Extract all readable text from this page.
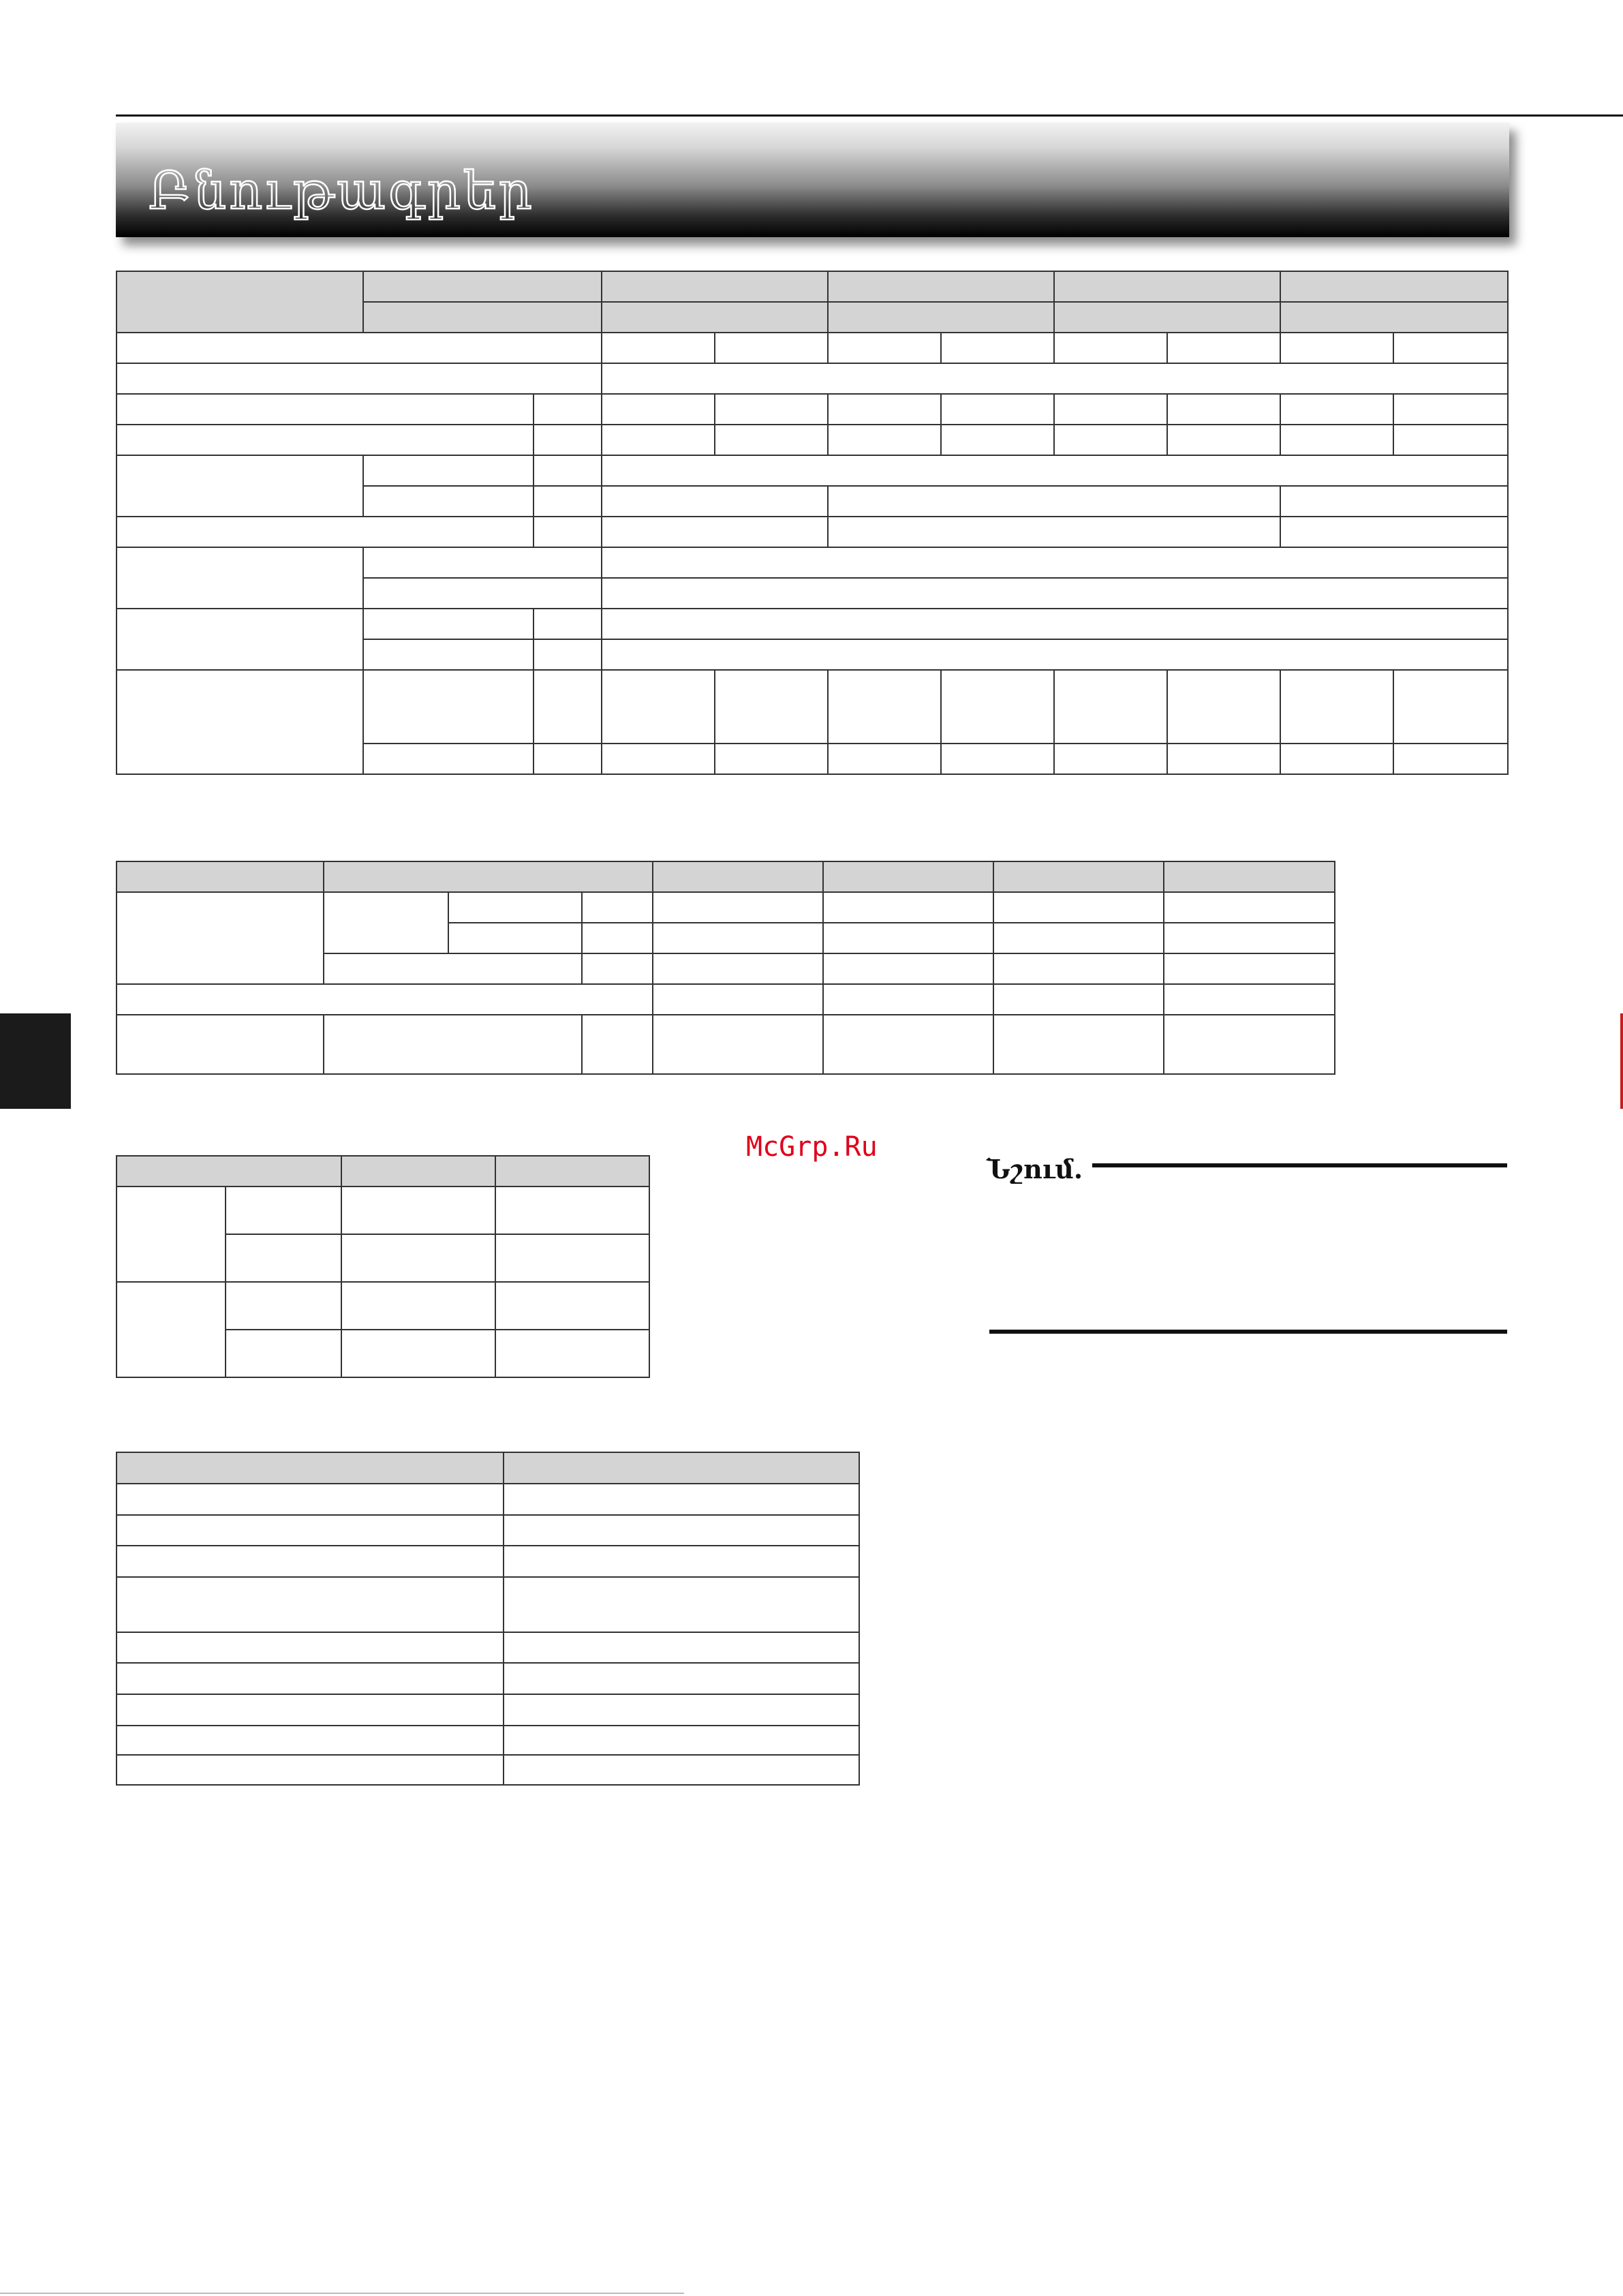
Բնութագրեր

McGrp.Ru
Նշում.
